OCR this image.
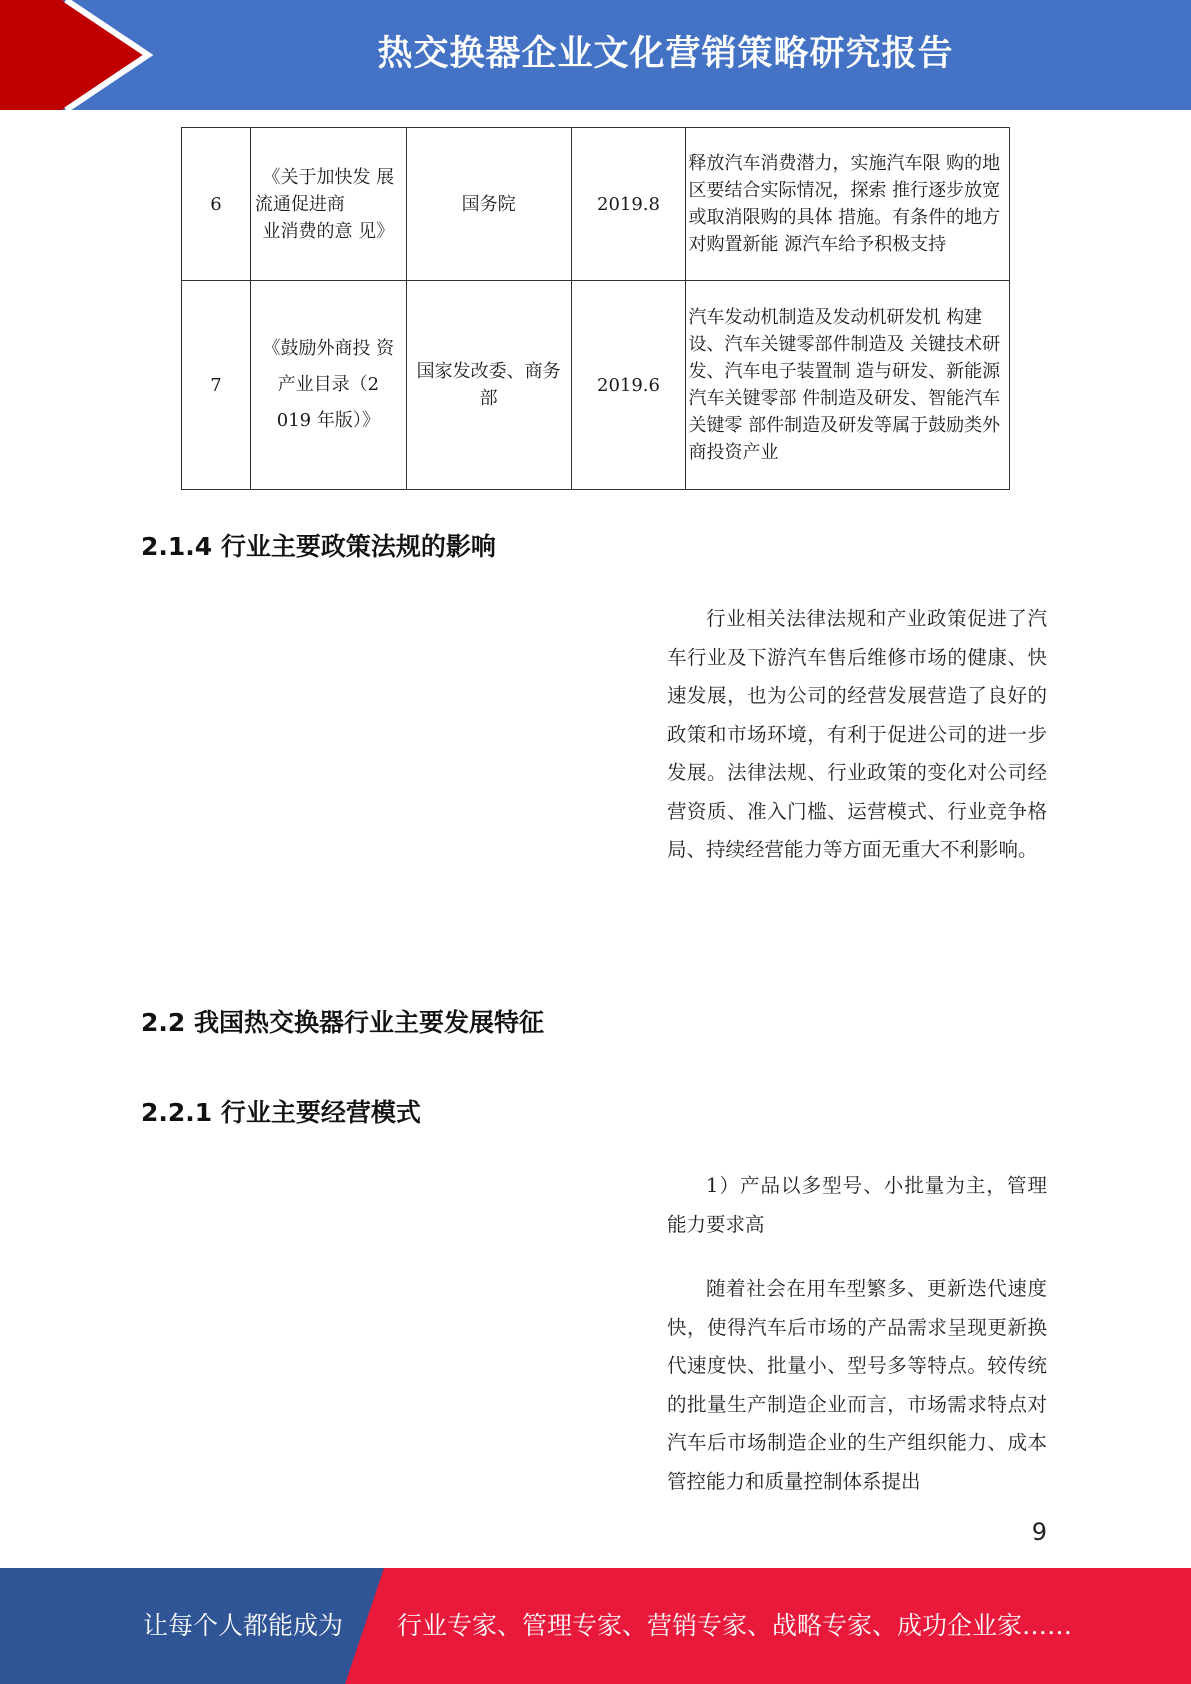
热交换器企业文化营销策略研究报告
6	《关于加快发 展
流通促进商
业消费的意 见》	国务院	2019.8	释放汽车消费潜力，实施汽车限 购的地区要结合实际情况，探索 推行逐步放宽或取消限购的具体 措施。有条件的地方对购置新能 源汽车给予积极支持
7	《鼓励外商投 资
产业目录（2
019 年版）》	国家发改委、商务部	2019.6	汽车发动机制造及发动机研发机 构建设、汽车关键零部件制造及 关键技术研发、汽车电子装置制 造与研发、新能源汽车关键零部 件制造及研发、智能汽车关键零 部件制造及研发等属于鼓励类外 商投资产业
2.1.4 行业主要政策法规的影响

行业相关法律法规和产业政策促进了汽车行业及下游汽车售后维修市场的健康、快速发展，也为公司的经营发展营造了良好的政策和市场环境，有利于促进公司的进一步发展。法律法规、行业政策的变化对公司经营资质、准入门槛、运营模式、行业竞争格局、持续经营能力等方面无重大不利影响。

2.2 我国热交换器行业主要发展特征
2.2.1 行业主要经营模式

1）产品以多型号、小批量为主，管理能力要求高

随着社会在用车型繁多、更新迭代速度快，使得汽车后市场的产品需求呈现更新换代速度快、批量小、型号多等特点。较传统的批量生产制造企业而言，市场需求特点对汽车后市场制造企业的生产组织能力、成本管控能力和质量控制体系提出

9
让每个人都能成为 行业专家、管理专家、营销专家、战略专家、成功企业家……
